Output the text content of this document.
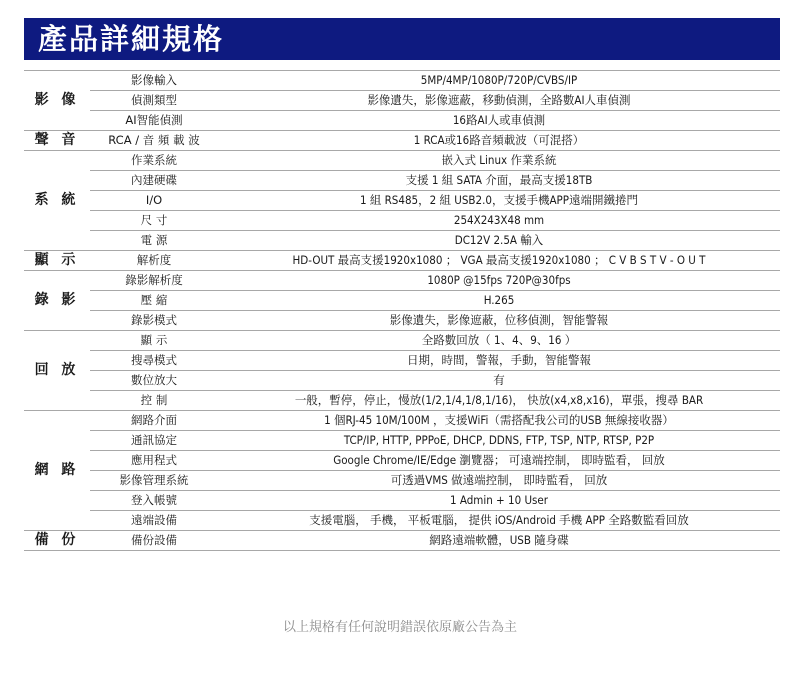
產品詳細規格
影 像	影像輸入	5MP/4MP/1080P/720P/CVBS/IP
	偵測類型	影像遺失，影像遮蔽，移動偵測，全路數AI人車偵測
	AI智能偵測	16路AI人或車偵測
聲 音	RCA / 音 頻 載 波	1 RCA或16路音頻載波（可混搭）
系 統	作業系統	嵌入式 Linux 作業系統
	內建硬碟	支援 1 組 SATA 介面，最高支援18TB
	I/O	1 組 RS485，2 組 USB2.0，支援手機APP遠端開鐵捲門
	尺 寸	254X243X48 mm
	電 源	DC12V 2.5A 輸入
顯 示	解析度	HD-OUT 最高支援1920x1080 ； VGA 最高支援1920x1080 ； C V B S T V - O U T
錄 影	錄影解析度	1080P @15fps 720P@30fps
	壓 縮	H.265
	錄影模式	影像遺失，影像遮蔽，位移偵測，智能警報
回 放	顯 示	全路數回放（ 1、4、9、16 ）
	搜尋模式	日期，時間，警報，手動，智能警報
	數位放大	有
	控 制	一般，暫停，停止，慢放(1/2,1/4,1/8,1/16)， 快放(x4,x8,x16)，單張，搜尋 BAR
網 路	網路介面	1 個RJ-45 10M/100M ，支援WiFi（需搭配我公司的USB 無線接收器）
	通訊協定	TCP/IP, HTTP, PPPoE, DHCP, DDNS, FTP, TSP, NTP, RTSP, P2P
	應用程式	Google Chrome/IE/Edge 瀏覽器； 可遠端控制， 即時監看， 回放
	影像管理系統	可透過VMS 做遠端控制， 即時監看， 回放
	登入帳號	1 Admin + 10 User
	遠端設備	支援電腦， 手機， 平板電腦， 提供 iOS/Android 手機 APP 全路數監看回放
備 份	備份設備	網路遠端軟體，USB 隨身碟
以上規格有任何說明錯誤依原廠公告為主
